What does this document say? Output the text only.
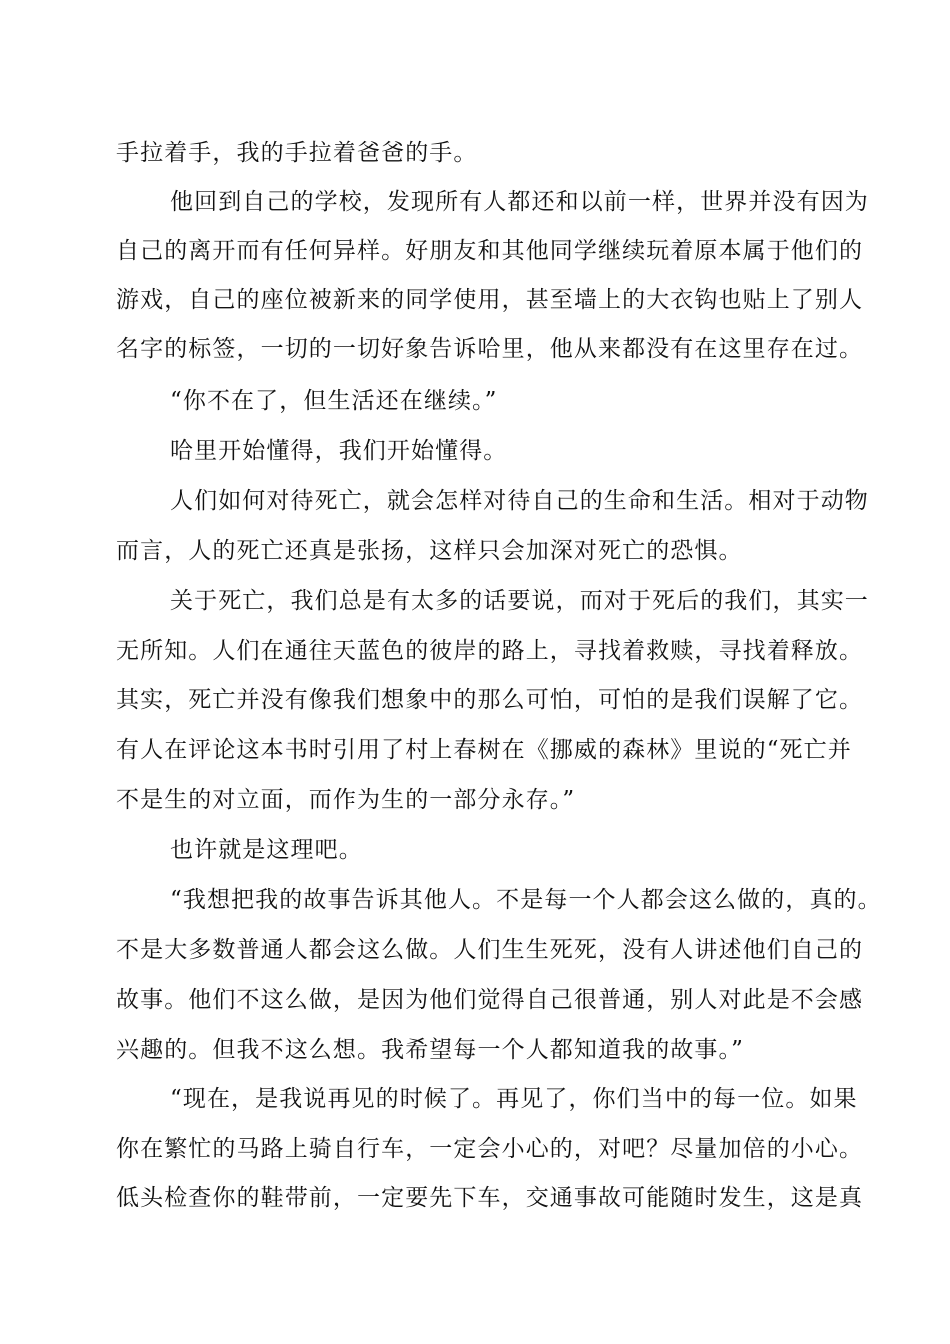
手拉着手，我的手拉着爸爸的手。

他回到自己的学校，发现所有人都还和以前一样，世界并没有因为

自己的离开而有任何异样。好朋友和其他同学继续玩着原本属于他们的

游戏，自己的座位被新来的同学使用，甚至墙上的大衣钩也贴上了别人

名字的标签，一切的一切好象告诉哈里，他从来都没有在这里存在过。

“你不在了，但生活还在继续。”

哈里开始懂得，我们开始懂得。

人们如何对待死亡，就会怎样对待自己的生命和生活。相对于动物

而言，人的死亡还真是张扬，这样只会加深对死亡的恐惧。

关于死亡，我们总是有太多的话要说，而对于死后的我们，其实一

无所知。人们在通往天蓝色的彼岸的路上，寻找着救赎，寻找着释放。

其实，死亡并没有像我们想象中的那么可怕，可怕的是我们误解了它。

有人在评论这本书时引用了村上春树在《挪威的森林》里说的“死亡并

不是生的对立面，而作为生的一部分永存。”

也许就是这理吧。

“我想把我的故事告诉其他人。不是每一个人都会这么做的，真的。

不是大多数普通人都会这么做。人们生生死死，没有人讲述他们自己的

故事。他们不这么做，是因为他们觉得自己很普通，别人对此是不会感

兴趣的。但我不这么想。我希望每一个人都知道我的故事。”

“现在，是我说再见的时候了。再见了，你们当中的每一位。如果

你在繁忙的马路上骑自行车，一定会小心的，对吧？尽量加倍的小心。

低头检查你的鞋带前，一定要先下车，交通事故可能随时发生，这是真
